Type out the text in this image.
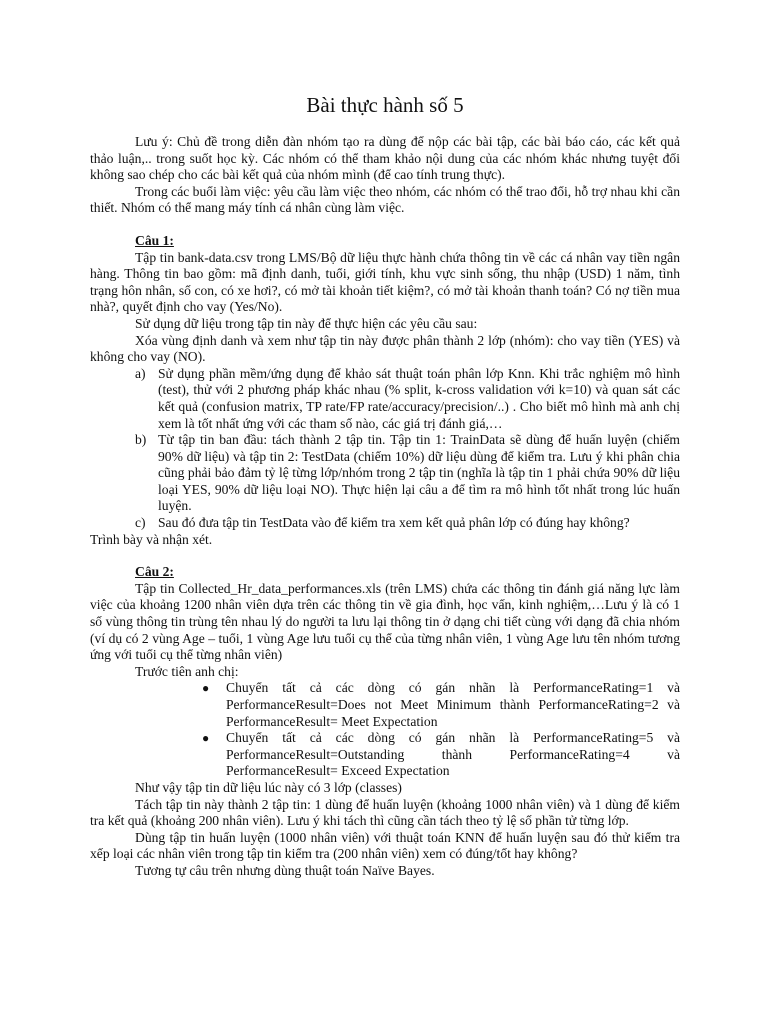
Bài thực hành số 5

Lưu ý: Chủ đề trong diễn đàn nhóm tạo ra dùng để nộp các bài tập, các bài báo cáo, các kết quả thảo luận,.. trong suốt học kỳ. Các nhóm có thể tham khảo nội dung của các nhóm khác nhưng tuyệt đối không sao chép cho các bài kết quả của nhóm mình (để cao tính trung thực).

Trong các buổi làm việc: yêu cầu làm việc theo nhóm, các nhóm có thể trao đổi, hỗ trợ nhau khi cần thiết. Nhóm có thể mang máy tính cá nhân cùng làm việc.

Câu 1:

Tập tin bank-data.csv trong LMS/Bộ dữ liệu thực hành chứa thông tin về các cá nhân vay tiền ngân hàng. Thông tin bao gồm: mã định danh, tuổi, giới tính, khu vực sinh sống, thu nhập (USD) 1 năm, tình trạng hôn nhân, số con, có xe hơi?, có mở tài khoản tiết kiệm?, có mở tài khoản thanh toán? Có nợ tiền mua nhà?, quyết định cho vay (Yes/No).

Sử dụng dữ liệu trong tập tin này để thực hiện các yêu cầu sau:

Xóa vùng định danh và xem như tập tin này được phân thành 2 lớp (nhóm): cho vay tiền (YES) và không cho vay (NO).

a) Sử dụng phần mềm/ứng dụng để khảo sát thuật toán phân lớp Knn. Khi trắc nghiệm mô hình (test), thử với 2 phương pháp khác nhau (% split, k-cross validation với k=10) và quan sát các kết quả (confusion matrix, TP rate/FP rate/accuracy/precision/..) . Cho biết mô hình mà anh chị xem là tốt nhất ứng với các tham số nào, các giá trị đánh giá,…
b) Từ tập tin ban đầu: tách thành 2 tập tin. Tập tin 1: TrainData sẽ dùng để huấn luyện (chiếm 90% dữ liệu) và tập tin 2: TestData (chiếm 10%) dữ liệu dùng để kiểm tra. Lưu ý khi phân chia cũng phải bảo đảm tỷ lệ từng lớp/nhóm trong 2 tập tin (nghĩa là tập tin 1 phải chứa 90% dữ liệu loại YES, 90% dữ liệu loại NO). Thực hiện lại câu a để tìm ra mô hình tốt nhất trong lúc huấn luyện.
c) Sau đó đưa tập tin TestData vào để kiểm tra xem kết quả phân lớp có đúng hay không?

Trình bày và nhận xét.

Câu 2:

Tập tin Collected_Hr_data_performances.xls (trên LMS) chứa các thông tin đánh giá năng lực làm việc của khoảng 1200 nhân viên dựa trên các thông tin về gia đình, học vấn, kinh nghiệm,…Lưu ý là có 1 số vùng thông tin trùng tên nhau lý do người ta lưu lại thông tin ở dạng chi tiết cùng với dạng đã chia nhóm (ví dụ có 2 vùng Age – tuổi, 1 vùng Age lưu tuổi cụ thể của từng nhân viên, 1 vùng Age lưu tên nhóm tương ứng với tuổi cụ thể từng nhân viên)

Trước tiên anh chị:

● Chuyển tất cả các dòng có gán nhãn là PerformanceRating=1 và PerformanceResult=Does not Meet Minimum thành PerformanceRating=2 và PerformanceResult= Meet Expectation
● Chuyển tất cả các dòng có gán nhãn là PerformanceRating=5 và PerformanceResult=Outstanding thành PerformanceRating=4 và PerformanceResult= Exceed Expectation

Như vậy tập tin dữ liệu lúc này có 3 lớp (classes)

Tách tập tin này thành 2 tập tin: 1 dùng để huấn luyện (khoảng 1000 nhân viên) và 1 dùng để kiểm tra kết quả (khoảng 200 nhân viên). Lưu ý khi tách thì cũng cần tách theo tỷ lệ số phần tử từng lớp.

Dùng tập tin huấn luyện (1000 nhân viên) với thuật toán KNN để huấn luyện sau đó thử kiểm tra xếp loại các nhân viên trong tập tin kiểm tra (200 nhân viên) xem có đúng/tốt hay không?

Tương tự câu trên nhưng dùng thuật toán Naïve Bayes.
